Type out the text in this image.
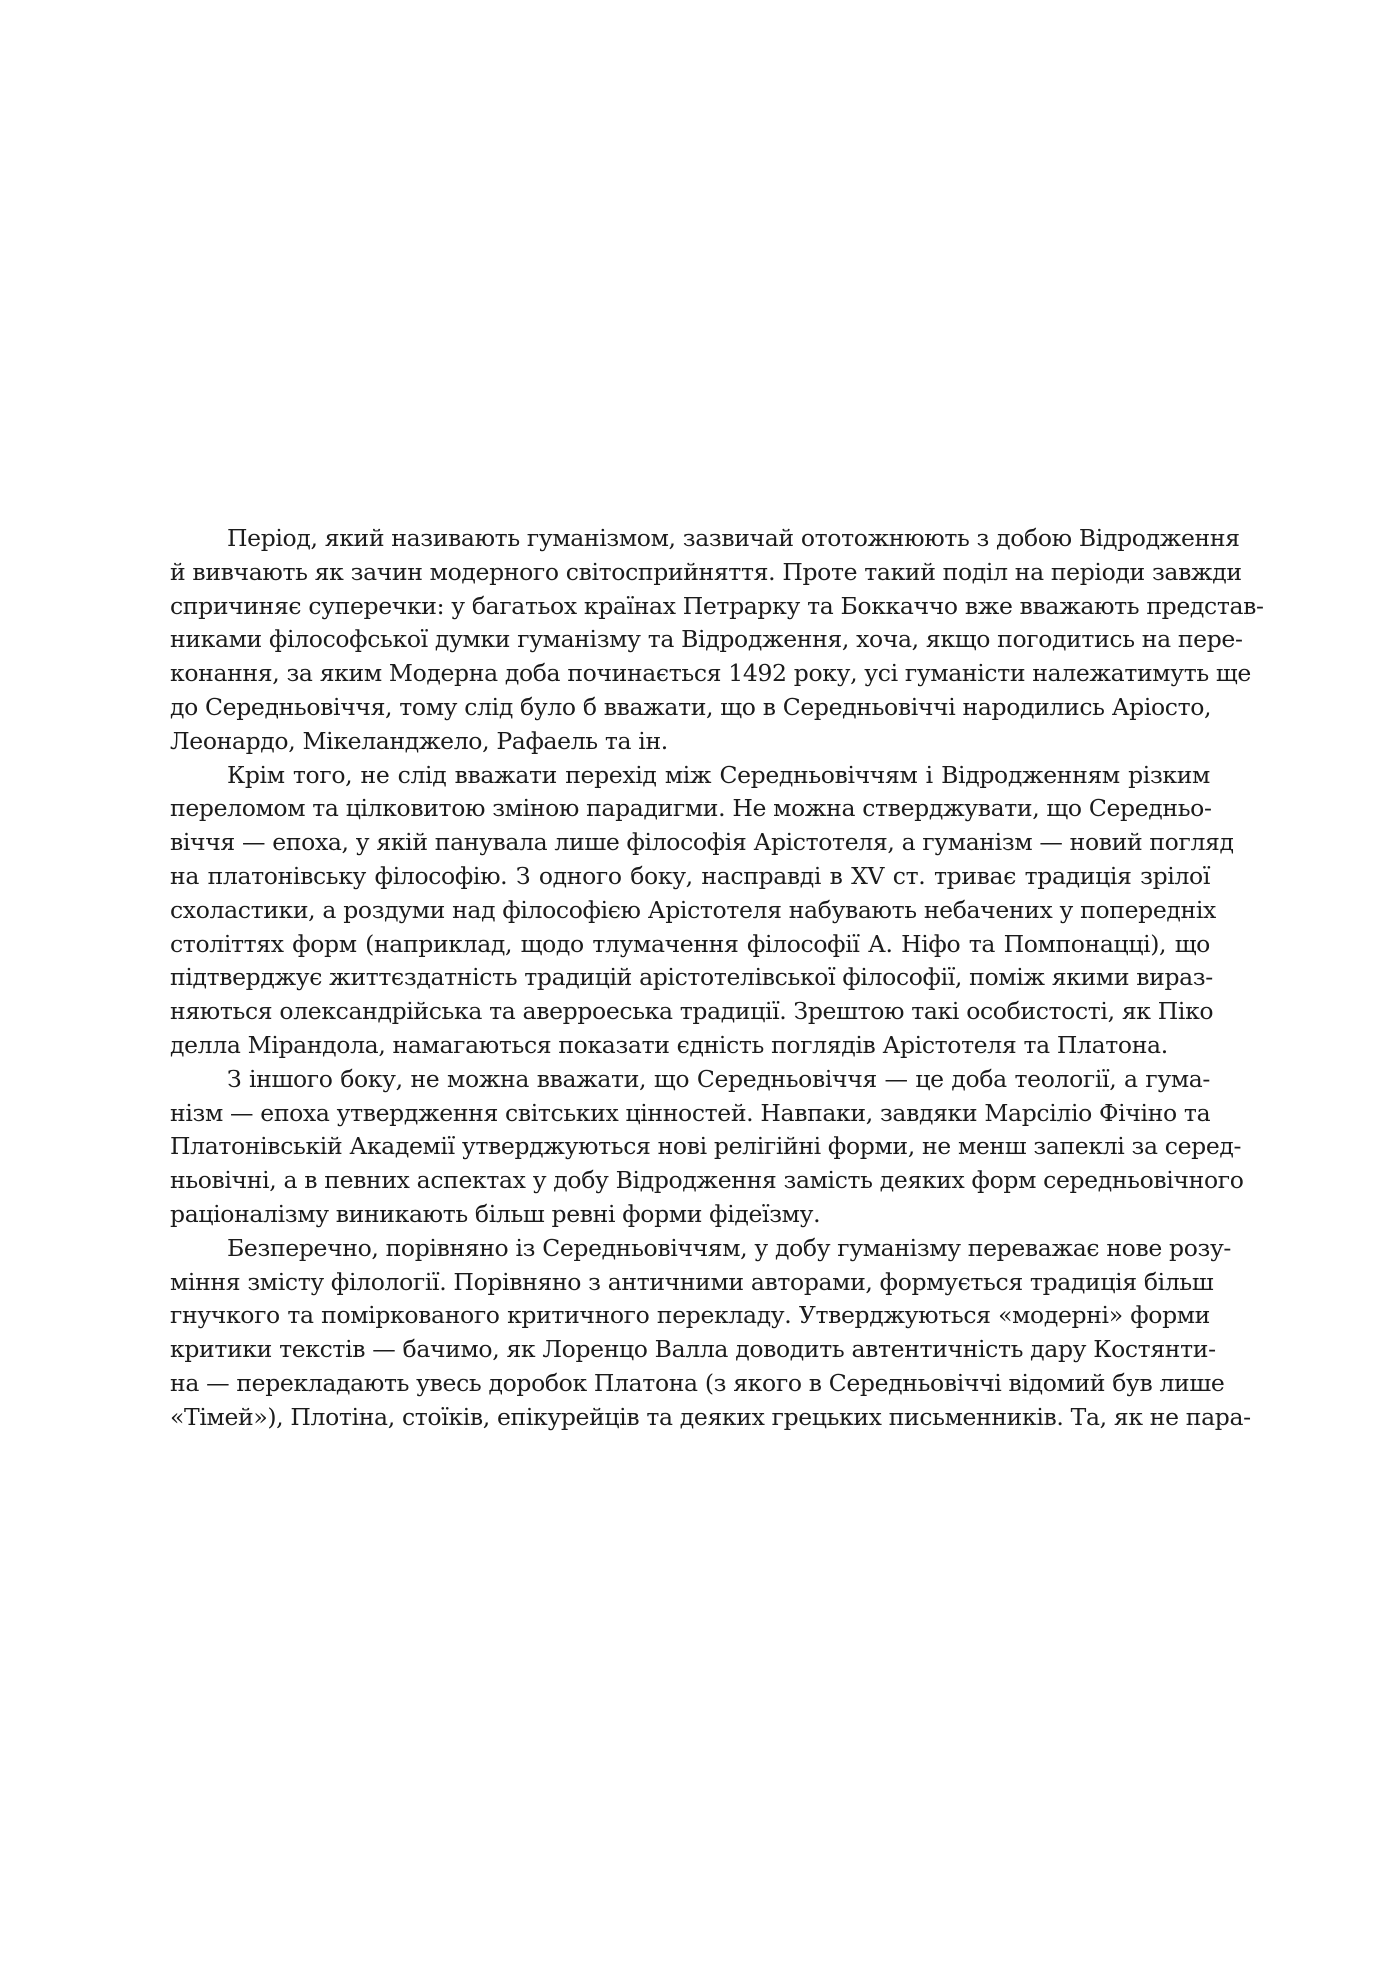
Період, який називають гуманізмом, зазвичай ототожнюють з добою Відродження
й вивчають як зачин модерного світосприйняття. Проте такий поділ на періоди завжди
спричиняє суперечки: у багатьох країнах Петрарку та Боккаччо вже вважають представ-
никами філософської думки гуманізму та Відродження, хоча, якщо погодитись на пере-
конання, за яким Модерна доба починається 1492 року, усі гуманісти належатимуть ще
до Середньовіччя, тому слід було б вважати, що в Середньовіччі народились Аріосто,
Леонардо, Мікеланджело, Рафаель та ін.
Крім того, не слід вважати перехід між Середньовіччям і Відродженням різким
переломом та цілковитою зміною парадигми. Не можна стверджувати, що Середньо-
віччя — епоха, у якій панувала лише філософія Арістотеля, а гуманізм — новий погляд
на платонівську філософію. З одного боку, насправді в XV ст. триває традиція зрілої
схоластики, а роздуми над філософією Арістотеля набувають небачених у попередніх
століттях форм (наприклад, щодо тлумачення філософії А. Ніфо та Помпонацці), що
підтверджує життєздатність традицій арістотелівської філософії, поміж якими вираз-
няються олександрійська та аверроеська традиції. Зрештою такі особистості, як Піко
делла Мірандола, намагаються показати єдність поглядів Арістотеля та Платона.
З іншого боку, не можна вважати, що Середньовіччя — це доба теології, а гума-
нізм — епоха утвердження світських цінностей. Навпаки, завдяки Марсіліо Фічіно та
Платонівській Академії утверджуються нові релігійні форми, не менш запеклі за серед-
ньовічні, а в певних аспектах у добу Відродження замість деяких форм середньовічного
раціоналізму виникають більш ревні форми фідеїзму.
Безперечно, порівняно із Середньовіччям, у добу гуманізму переважає нове розу-
міння змісту філології. Порівняно з античними авторами, формується традиція більш
гнучкого та поміркованого критичного перекладу. Утверджуються «модерні» форми
критики текстів — бачимо, як Лоренцо Валла доводить автентичність дару Костянти-
на — перекладають увесь доробок Платона (з якого в Середньовіччі відомий був лише
«Тімей»), Плотіна, стоїків, епікурейців та деяких грецьких письменників. Та, як не пара-
